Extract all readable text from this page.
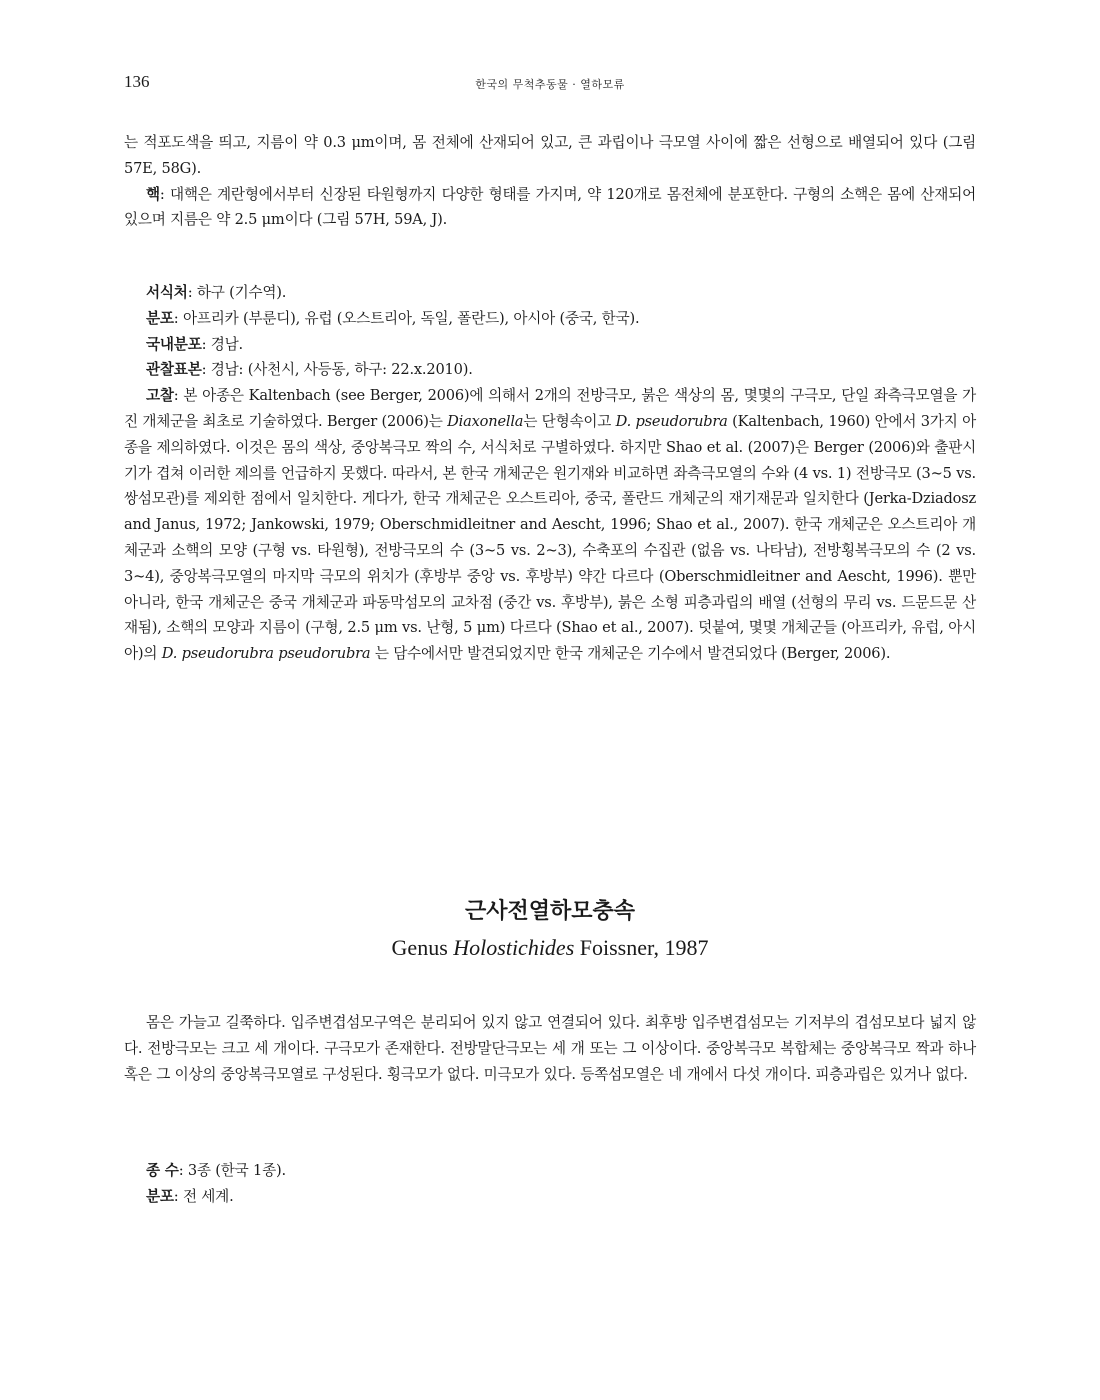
136	한국의 무척추동물 · 열하모류

는 적포도색을 띄고, 지름이 약 0.3 μm이며, 몸 전체에 산재되어 있고, 큰 과립이나 극모열 사이에 짧은 선형으로 배열되어 있다 (그림 57E, 58G).

핵: 대핵은 계란형에서부터 신장된 타원형까지 다양한 형태를 가지며, 약 120개로 몸전체에 분포한다. 구형의 소핵은 몸에 산재되어 있으며 지름은 약 2.5 μm이다 (그림 57H, 59A, J).

서식처: 하구 (기수역).

분포: 아프리카 (부룬디), 유럽 (오스트리아, 독일, 폴란드), 아시아 (중국, 한국).

국내분포: 경남.

관찰표본: 경남: (사천시, 사등동, 하구: 22.x.2010).

고찰: 본 아종은 Kaltenbach (see Berger, 2006)에 의해서 2개의 전방극모, 붉은 색상의 몸, 몇몇의 구극모, 단일 좌측극모열을 가진 개체군을 최초로 기술하였다. Berger (2006)는 Diaxonella는 단형속이고 D. pseudorubra (Kaltenbach, 1960) 안에서 3가지 아종을 제의하였다. 이것은 몸의 색상, 중앙복극모 짝의 수, 서식처로 구별하였다. 하지만 Shao et al. (2007)은 Berger (2006)와 출판시기가 겹쳐 이러한 제의를 언급하지 못했다. 따라서, 본 한국 개체군은 원기재와 비교하면 좌측극모열의 수와 (4 vs. 1) 전방극모 (3~5 vs. 쌍섬모관)를 제외한 점에서 일치한다. 게다가, 한국 개체군은 오스트리아, 중국, 폴란드 개체군의 재기재문과 일치한다 (Jerka-Dziadosz and Janus, 1972; Jankowski, 1979; Oberschmidleitner and Aescht, 1996; Shao et al., 2007). 한국 개체군은 오스트리아 개체군과 소핵의 모양 (구형 vs. 타원형), 전방극모의 수 (3~5 vs. 2~3), 수축포의 수집관 (없음 vs. 나타남), 전방횡복극모의 수 (2 vs. 3~4), 중앙복극모열의 마지막 극모의 위치가 (후방부 중앙 vs. 후방부) 약간 다르다 (Oberschmidleitner and Aescht, 1996). 뿐만 아니라, 한국 개체군은 중국 개체군과 파동막섬모의 교차점 (중간 vs. 후방부), 붉은 소형 피층과립의 배열 (선형의 무리 vs. 드문드문 산재됨), 소핵의 모양과 지름이 (구형, 2.5 μm vs. 난형, 5 μm) 다르다 (Shao et al., 2007). 덧붙여, 몇몇 개체군들 (아프리카, 유럽, 아시아)의 D. pseudorubra pseudorubra 는 담수에서만 발견되었지만 한국 개체군은 기수에서 발견되었다 (Berger, 2006).

근사전열하모충속
Genus Holostichides Foissner, 1987

몸은 가늘고 길쭉하다. 입주변겹섬모구역은 분리되어 있지 않고 연결되어 있다. 최후방 입주변겹섬모는 기저부의 겹섬모보다 넓지 않다. 전방극모는 크고 세 개이다. 구극모가 존재한다. 전방말단극모는 세 개 또는 그 이상이다. 중앙복극모 복합체는 중앙복극모 짝과 하나 혹은 그 이상의 중앙복극모열로 구성된다. 횡극모가 없다. 미극모가 있다. 등쪽섬모열은 네 개에서 다섯 개이다. 피층과립은 있거나 없다.

종 수: 3종 (한국 1종).

분포: 전 세계.
